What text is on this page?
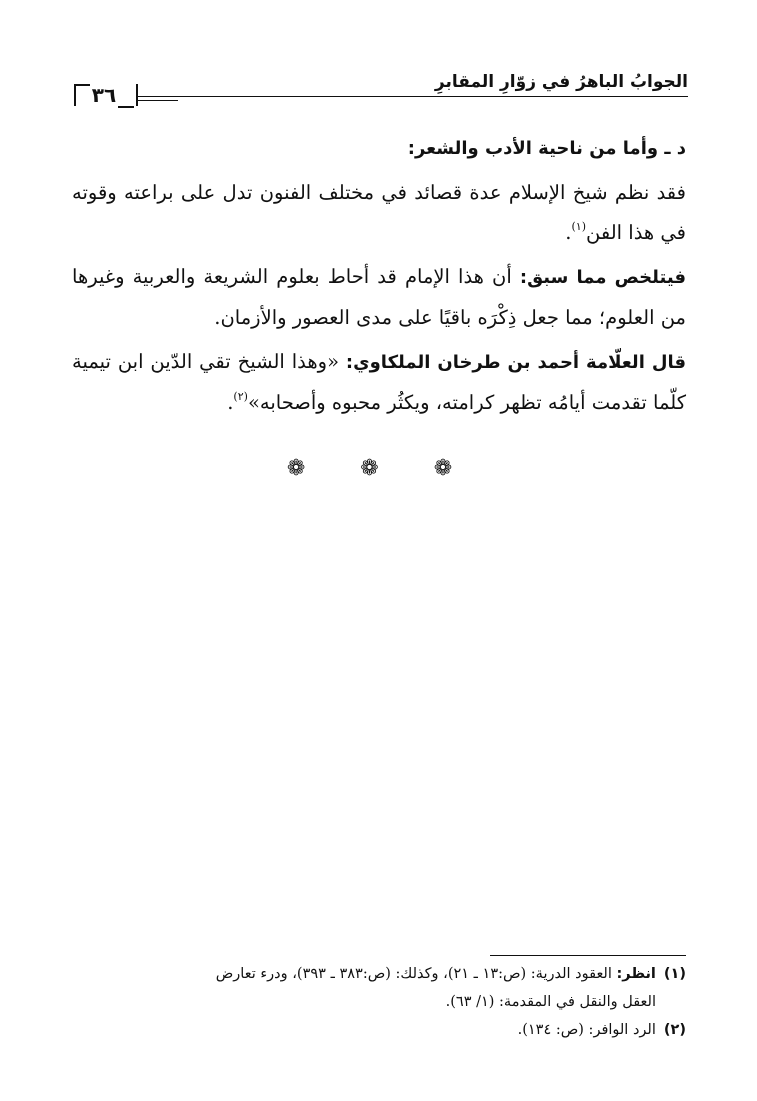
الجوابُ الباهرُ في زوّارِ المقابرِ
٣٦

د ـ وأما من ناحية الأدب والشعر:

فقد نظم شيخ الإسلام عدة قصائد في مختلف الفنون تدل على براعته وقوته في هذا الفن$^{(١)}$.

فيتلخص مما سبق: أن هذا الإمام قد أحاط بعلوم الشريعة والعربية وغيرها من العلوم؛ مما جعل ذِكْرَه باقيًا على مدى العصور والأزمان.

قال العلّامة أحمد بن طرخان الملكاوي: «وهذا الشيخ تقي الدّين ابن تيمية كلّما تقدمت أيامُه تظهر كرامته، ويكثُر محبوه وأصحابه»$^{(٢)}$.

❁ ❁ ❁

(١)انظر: العقود الدرية: (ص:١٣ ـ ٢١)، وكذلك: (ص:٣٨٣ ـ ٣٩٣)، ودرء تعارض

العقل والنقل في المقدمة: (١/ ٦٣).

(٢)الرد الوافر: (ص: ١٣٤).
